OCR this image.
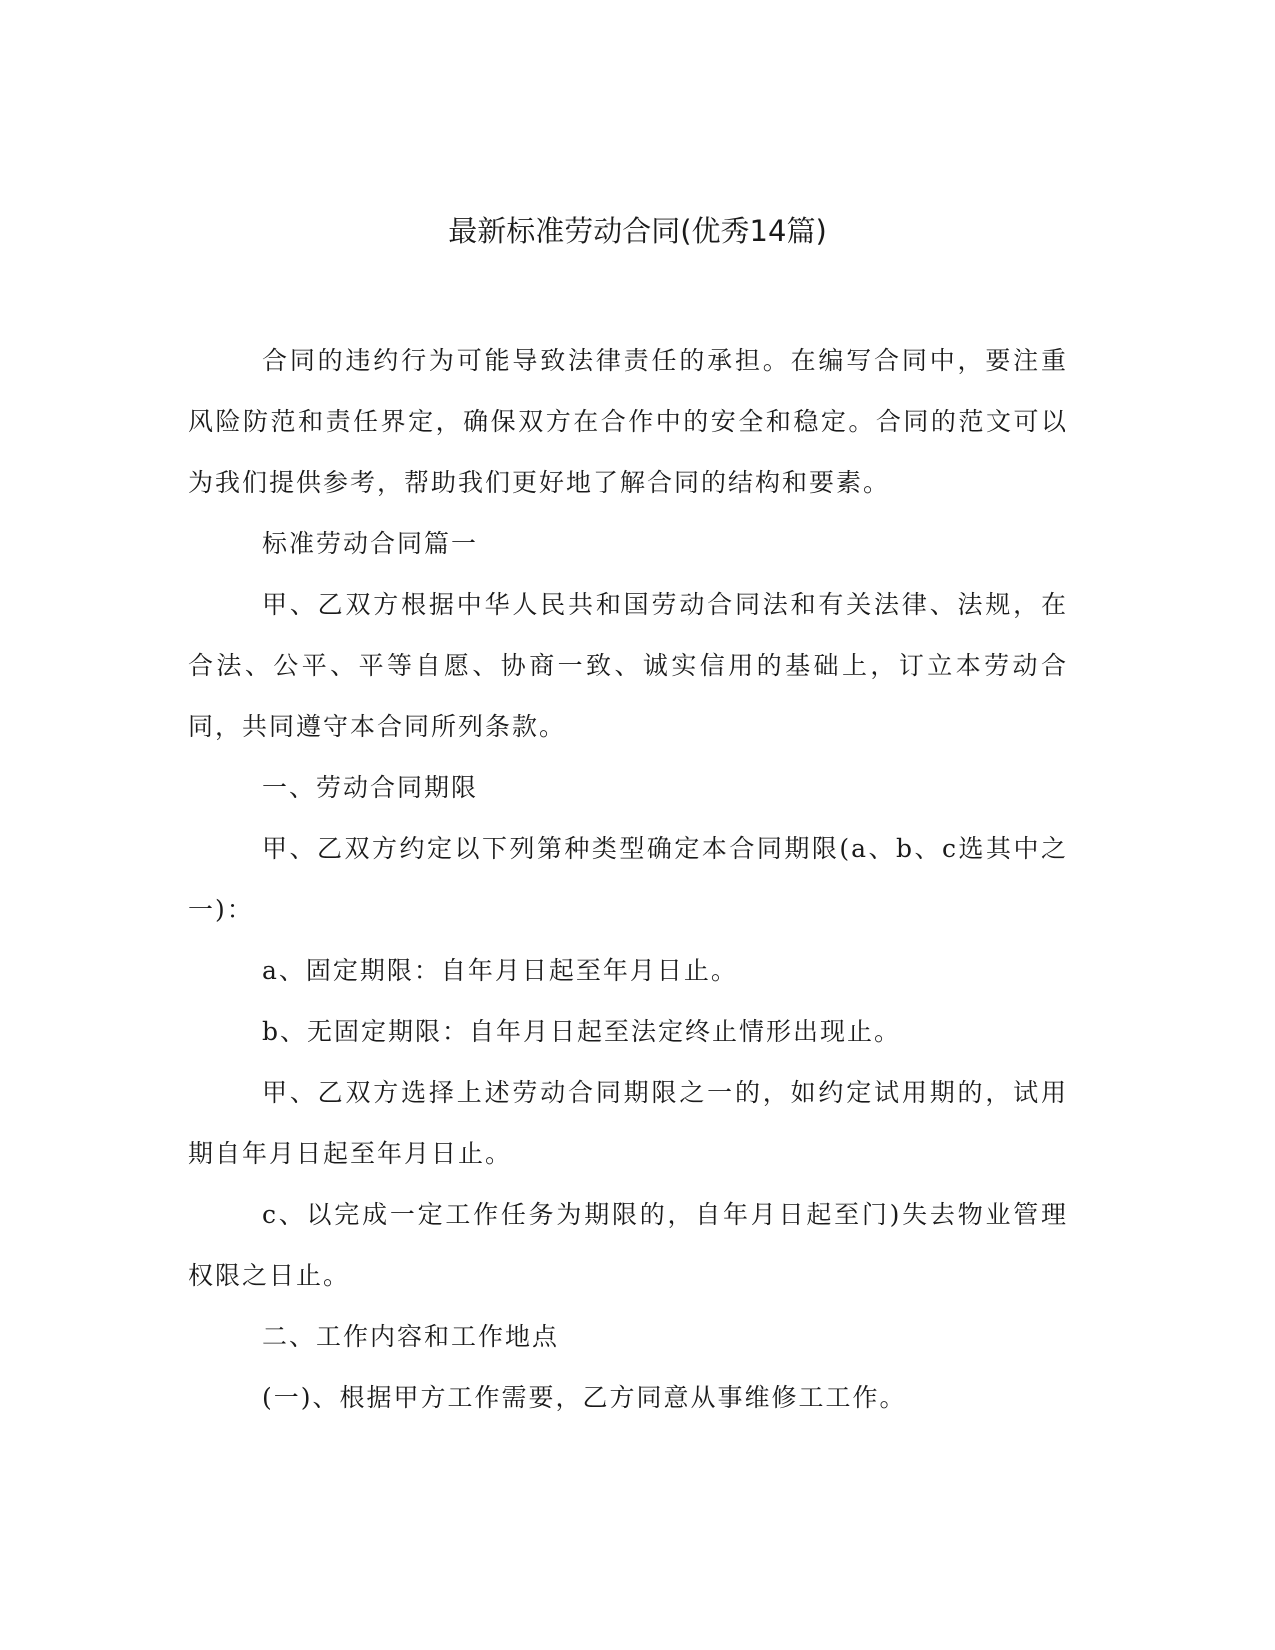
最新标准劳动合同(优秀14篇)

合同的违约行为可能导致法律责任的承担。在编写合同中，要注重风险防范和责任界定，确保双方在合作中的安全和稳定。合同的范文可以为我们提供参考，帮助我们更好地了解合同的结构和要素。

标准劳动合同篇一

甲、乙双方根据中华人民共和国劳动合同法和有关法律、法规，在合法、公平、平等自愿、协商一致、诚实信用的基础上，订立本劳动合同，共同遵守本合同所列条款。

一、劳动合同期限

甲、乙双方约定以下列第种类型确定本合同期限(a、b、c选其中之一)：

a、固定期限：自年月日起至年月日止。

b、无固定期限：自年月日起至法定终止情形出现止。

甲、乙双方选择上述劳动合同期限之一的，如约定试用期的，试用期自年月日起至年月日止。

c、以完成一定工作任务为期限的，自年月日起至门)失去物业管理权限之日止。

二、工作内容和工作地点

(一)、根据甲方工作需要，乙方同意从事维修工工作。
